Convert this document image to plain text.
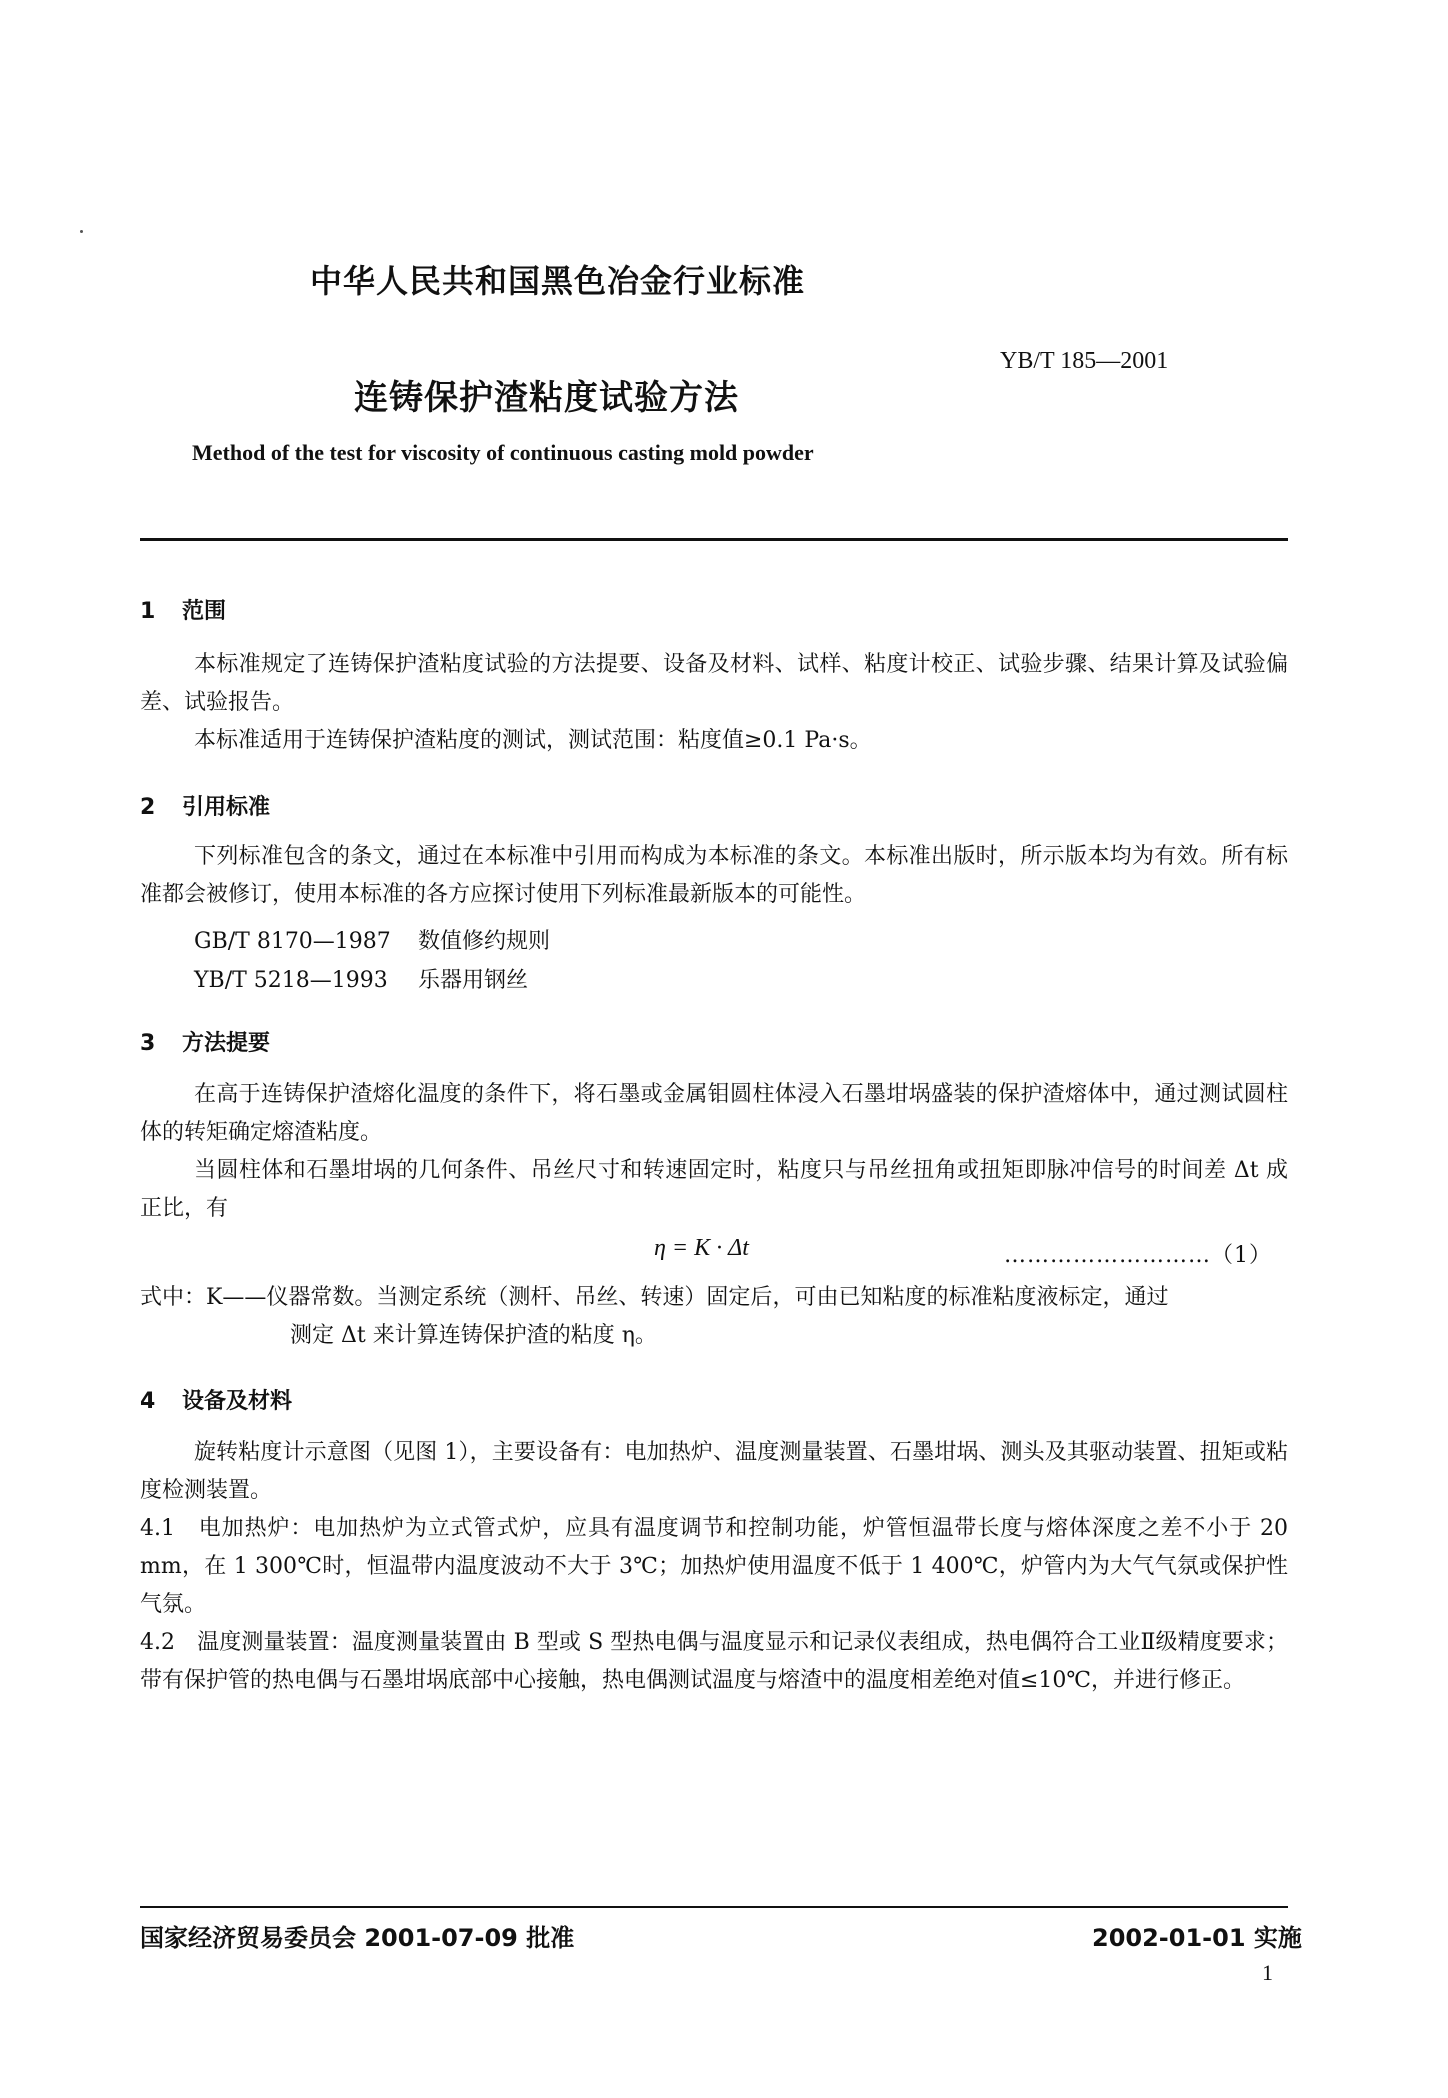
中华人民共和国黑色冶金行业标准
YB/T 185—2001
连铸保护渣粘度试验方法
Method of the test for viscosity of continuous casting mold powder
1 范围
本标准规定了连铸保护渣粘度试验的方法提要、设备及材料、试样、粘度计校正、试验步骤、结果计算及试验偏差、试验报告。
本标准适用于连铸保护渣粘度的测试，测试范围：粘度值≥0.1 Pa·s。
2 引用标准
下列标准包含的条文，通过在本标准中引用而构成为本标准的条文。本标准出版时，所示版本均为有效。所有标准都会被修订，使用本标准的各方应探讨使用下列标准最新版本的可能性。
GB/T 8170—1987 数值修约规则
YB/T 5218—1993 乐器用钢丝
3 方法提要
在高于连铸保护渣熔化温度的条件下，将石墨或金属钼圆柱体浸入石墨坩埚盛装的保护渣熔体中，通过测试圆柱体的转矩确定熔渣粘度。
当圆柱体和石墨坩埚的几何条件、吊丝尺寸和转速固定时，粘度只与吊丝扭角或扭矩即脉冲信号的时间差 Δt 成正比，有
η = K · Δt	………………………（1）
式中：K——仪器常数。当测定系统（测杆、吊丝、转速）固定后，可由已知粘度的标准粘度液标定，通过
测定 Δt 来计算连铸保护渣的粘度 η。
4 设备及材料
旋转粘度计示意图（见图 1），主要设备有：电加热炉、温度测量装置、石墨坩埚、测头及其驱动装置、扭矩或粘度检测装置。
4.1　电加热炉：电加热炉为立式管式炉，应具有温度调节和控制功能，炉管恒温带长度与熔体深度之差不小于 20 mm，在 1 300℃时，恒温带内温度波动不大于 3℃；加热炉使用温度不低于 1 400℃，炉管内为大气气氛或保护性气氛。
4.2　温度测量装置：温度测量装置由 B 型或 S 型热电偶与温度显示和记录仪表组成，热电偶符合工业Ⅱ级精度要求；带有保护管的热电偶与石墨坩埚底部中心接触，热电偶测试温度与熔渣中的温度相差绝对值≤10℃，并进行修正。
国家经济贸易委员会 2001-07-09 批准	2002-01-01 实施
1
